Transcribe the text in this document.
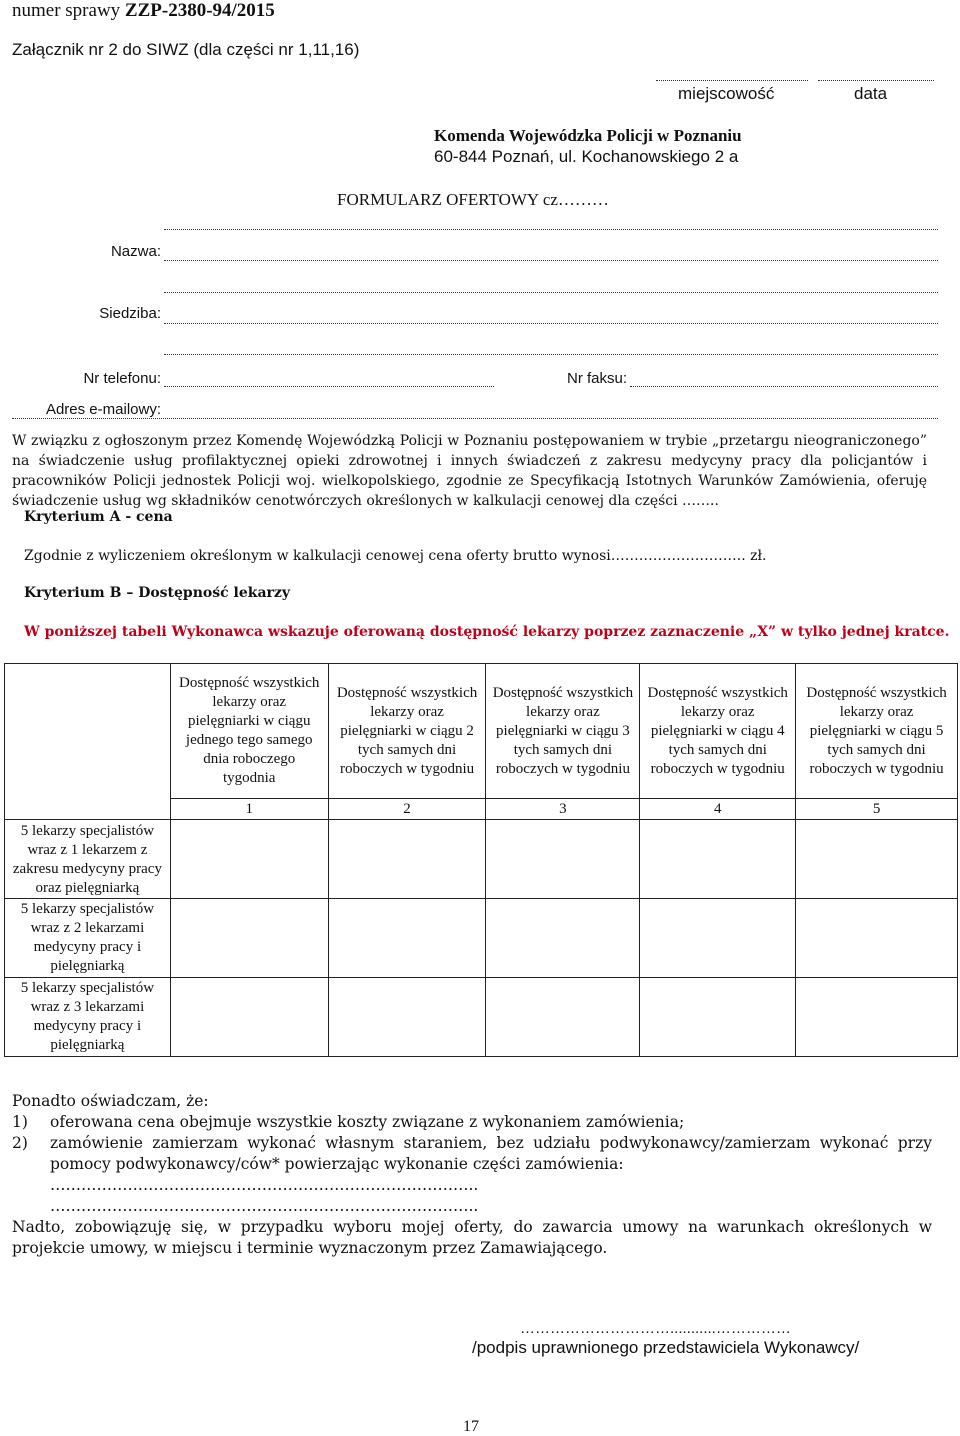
numer sprawy ZZP-2380-94/2015
Załącznik nr 2 do SIWZ (dla części nr 1,11,16)
miejscowość	data
Komenda Wojewódzka Policji w Poznaniu
60-844 Poznań, ul. Kochanowskiego 2 a
FORMULARZ OFERTOWY cz………
Nazwa:
Siedziba:
Nr telefonu:	Nr faksu:
Adres e-mailowy:
W związku z ogłoszonym przez Komendę Wojewódzką Policji w Poznaniu postępowaniem w trybie „przetargu nieograniczonego” na świadczenie usług profilaktycznej opieki zdrowotnej i innych świadczeń z zakresu medycyny pracy dla policjantów i pracowników Policji jednostek Policji woj. wielkopolskiego, zgodnie ze Specyfikacją Istotnych Warunków Zamówienia, oferuję świadczenie usług wg składników cenotwórczych określonych w kalkulacji cenowej dla części ……..
Kryterium A - cena
Zgodnie z wyliczeniem określonym w kalkulacji cenowej cena oferty brutto wynosi……………………….. zł.
Kryterium B – Dostępność lekarzy
W poniższej tabeli Wykonawca wskazuje oferowaną dostępność lekarzy poprzez zaznaczenie „X” w tylko jednej kratce.

	Dostępność wszystkich lekarzy oraz pielęgniarki w ciągu jednego tego samego dnia roboczego tygodnia	Dostępność wszystkich lekarzy oraz pielęgniarki w ciągu 2 tych samych dni roboczych w tygodniu	Dostępność wszystkich lekarzy oraz pielęgniarki w ciągu 3 tych samych dni roboczych w tygodniu	Dostępność wszystkich lekarzy oraz pielęgniarki w ciągu 4 tych samych dni roboczych w tygodniu	Dostępność wszystkich lekarzy oraz pielęgniarki w ciągu 5 tych samych dni roboczych w tygodniu

	1	2	3	4	5

5 lekarzy specjalistów wraz z 1 lekarzem z zakresu medycyny pracy oraz pielęgniarką					

5 lekarzy specjalistów wraz z 2 lekarzami medycyny pracy i pielęgniarką					

5 lekarzy specjalistów wraz z 3 lekarzami medycyny pracy i pielęgniarką					

Ponadto oświadczam, że:
1) oferowana cena obejmuje wszystkie koszty związane z wykonaniem zamówienia;
2) zamówienie zamierzam wykonać własnym staraniem, bez udziału podwykonawcy/zamierzam wykonać przy pomocy podwykonawcy/ców* powierzając wykonanie części zamówienia:
………………………………………………………………………..
………………………………………………………………………..
Nadto, zobowiązuję się, w przypadku wyboru mojej oferty, do zawarcia umowy na warunkach określonych w projekcie umowy, w miejscu i terminie wyznaczonym przez Zamawiającego.
…………………………...........……………
/podpis uprawnionego przedstawiciela Wykonawcy/
17
